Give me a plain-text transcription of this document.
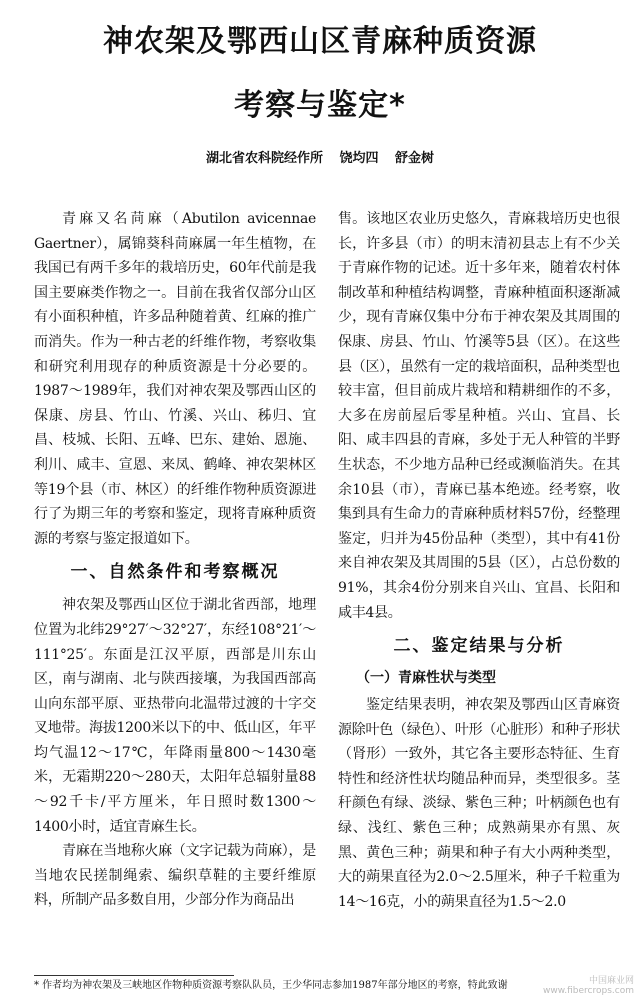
神农架及鄂西山区青麻种质资源
考察与鉴定*
湖北省农科院经作所 饶均四 舒金树

青麻又名苘麻（Abutilon avicennae Gaertner），属锦葵科苘麻属一年生植物，在我国已有两千多年的栽培历史，60年代前是我国主要麻类作物之一。目前在我省仅部分山区有小面积种植，许多品种随着黄、红麻的推广而消失。作为一种古老的纤维作物，考察收集和研究利用现存的种质资源是十分必要的。1987～1989年，我们对神农架及鄂西山区的保康、房县、竹山、竹溪、兴山、秭归、宜昌、枝城、长阳、五峰、巴东、建始、恩施、利川、咸丰、宣恩、来凤、鹤峰、神农架林区等19个县（市、林区）的纤维作物种质资源进行了为期三年的考察和鉴定，现将青麻种质资源的考察与鉴定报道如下。

一、自然条件和考察概况

神农架及鄂西山区位于湖北省西部，地理位置为北纬29°27′～32°27′，东经108°21′～111°25′。东面是江汉平原，西部是川东山区，南与湖南、北与陕西接壤，为我国西部高山向东部平原、亚热带向北温带过渡的十字交叉地带。海拔1200米以下的中、低山区，年平均气温12～17℃，年降雨量800～1430毫米，无霜期220～280天，太阳年总辐射量88～92千卡/平方厘米，年日照时数1300～1400小时，适宜青麻生长。

青麻在当地称火麻（文字记载为苘麻），是当地农民搓制绳索、编织草鞋的主要纤维原料，所制产品多数自用，少部分作为商品出

售。该地区农业历史悠久，青麻栽培历史也很长，许多县（市）的明末清初县志上有不少关于青麻作物的记述。近十多年来，随着农村体制改革和种植结构调整，青麻种植面积逐渐减少，现有青麻仅集中分布于神农架及其周围的保康、房县、竹山、竹溪等5县（区）。在这些县（区），虽然有一定的栽培面积，品种类型也较丰富，但目前成片栽培和精耕细作的不多，大多在房前屋后零星种植。兴山、宜昌、长阳、咸丰四县的青麻，多处于无人种管的半野生状态，不少地方品种已经或濒临消失。在其余10县（市），青麻已基本绝迹。经考察，收集到具有生命力的青麻种质材料57份，经整理鉴定，归并为45份品种（类型），其中有41份来自神农架及其周围的5县（区），占总份数的91%，其余4份分别来自兴山、宜昌、长阳和咸丰4县。

二、鉴定结果与分析
（一）青麻性状与类型

鉴定结果表明，神农架及鄂西山区青麻资源除叶色（绿色）、叶形（心脏形）和种子形状（肾形）一致外，其它各主要形态特征、生育特性和经济性状均随品种而异，类型很多。茎秆颜色有绿、淡绿、紫色三种；叶柄颜色也有绿、浅红、紫色三种；成熟蒴果亦有黑、灰黑、黄色三种；蒴果和种子有大小两种类型，大的蒴果直径为2.0～2.5厘米，种子千粒重为14～16克，小的蒴果直径为1.5～2.0

* 作者均为神农架及三峡地区作物种质资源考察队队员，王少华同志参加1987年部分地区的考察，特此致谢	中国麻业网
www.fibercrops.com
